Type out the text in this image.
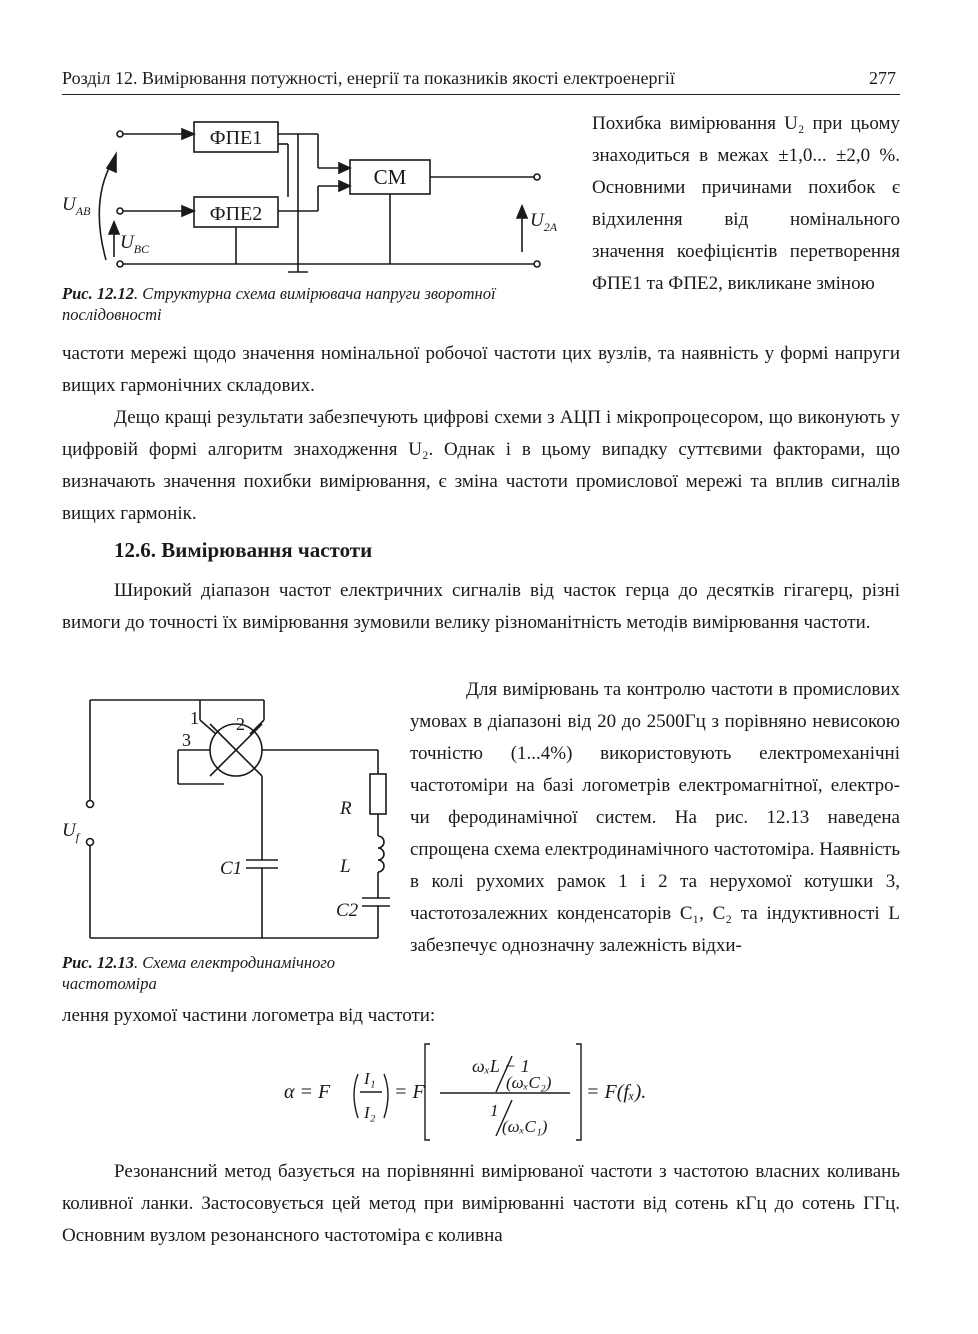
Розділ 12. Вимірювання потужності, енергії та показників якості електроенергії	277
ФПЕ1
ФПЕ2
СМ
$U_{AB}$
$U_{BC}$
$U_{2A}$

Рис. 12.12. Структурна схема вимірювача напруги зворотної послідовності

Похибка вимірювання U₂ при цьому знаходиться в межах ±1,0... ±2,0 %. Основними причинами похибок є відхилення від номінального значення коефіцієнтів перетворення ФПЕ1 та ФПЕ2, викликане зміною

частоти мережі щодо значення номінальної робочої частоти цих вузлів, та наявність у формі напруги вищих гармонічних складових.

Дещо кращі результати забезпечують цифрові схеми з АЦП і мікропроцесором, що виконують у цифровій формі алгоритм знаходження U₂. Однак і в цьому випадку суттєвими факторами, що визначають значення похибки вимірювання, є зміна частоти промислової мережі та вплив сигналів вищих гармонік.

12.6. Вимірювання частоти

Широкий діапазон частот електричних сигналів від часток герца до десятків гігагерц, різні вимоги до точності їх вимірювання зумовили велику різноманітність методів вимірювання частоти.

1 2
3
R
L
C1
C2
$U_f$

Рис. 12.13. Схема електродинамічного частотоміра

Для вимірювань та контролю частоти в промислових умовах в діапазоні від 20 до 2500Гц з порівняно невисокою точністю (1...4%) використовують електромеханічні частотоміри на базі логометрів електромагнітної, електро- чи феродинамічної систем. На рис. 12.13 наведена спрощена схема електродинамічного частотоміра. Наявність в колі рухомих рамок 1 і 2 та нерухомої котушки 3, частотозалежних конденсаторів C₁, C₂ та індуктивності L забезпечує однозначну залежність відхи-

лення рухомої частини логометра від частоти:

α = F
I₁
I₂
= F
ωₓL − 1
(ωₓC₂)
1
(ωₓC₁)
= F(fₓ).

Резонансний метод базується на порівнянні вимірюваної частоти з частотою власних коливань коливної ланки. Застосовується цей метод при вимірюванні частоти від сотень кГц до сотень ГГц. Основним вузлом резонансного частотоміра є коливна
